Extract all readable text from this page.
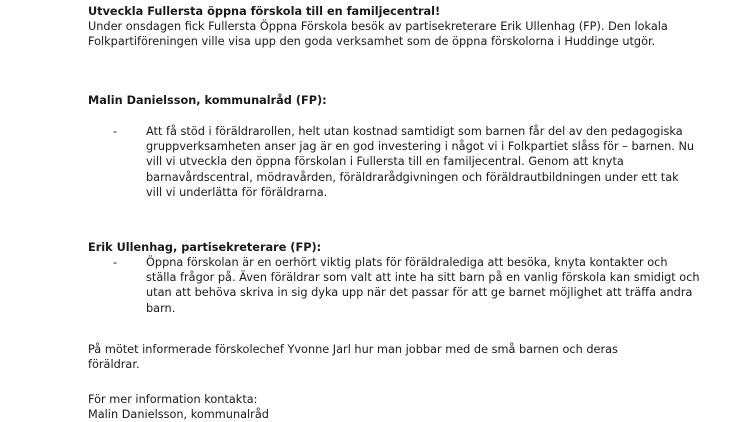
Utveckla Fullersta öppna förskola till en familjecentral!
Under onsdagen fick Fullersta Öppna Förskola besök av partisekreterare Erik Ullenhag (FP). Den lokala Folkpartiföreningen ville visa upp den goda verksamhet som de öppna förskolorna i Huddinge utgör.
Malin Danielsson, kommunalråd (FP):
-	Att få stöd i föräldrarollen, helt utan kostnad samtidigt som barnen får del av den pedagogiska gruppverksamheten anser jag är en god investering i något vi i Folkpartiet slåss för – barnen. Nu vill vi utveckla den öppna förskolan i Fullersta till en familjecentral. Genom att knyta barnavårdscentral, mödravården, föräldrarådgivningen och föräldrautbildningen under ett tak vill vi underlätta för föräldrarna.
Erik Ullenhag, partisekreterare (FP):
-	Öppna förskolan är en oerhört viktig plats för föräldralediga att besöka, knyta kontakter och ställa frågor på. Även föräldrar som valt att inte ha sitt barn på en vanlig förskola kan smidigt och utan att behöva skriva in sig dyka upp när det passar för att ge barnet möjlighet att träffa andra barn.
På mötet informerade förskolechef Yvonne Jarl hur man jobbar med de små barnen och deras föräldrar.
För mer information kontakta:
Malin Danielsson, kommunalråd
